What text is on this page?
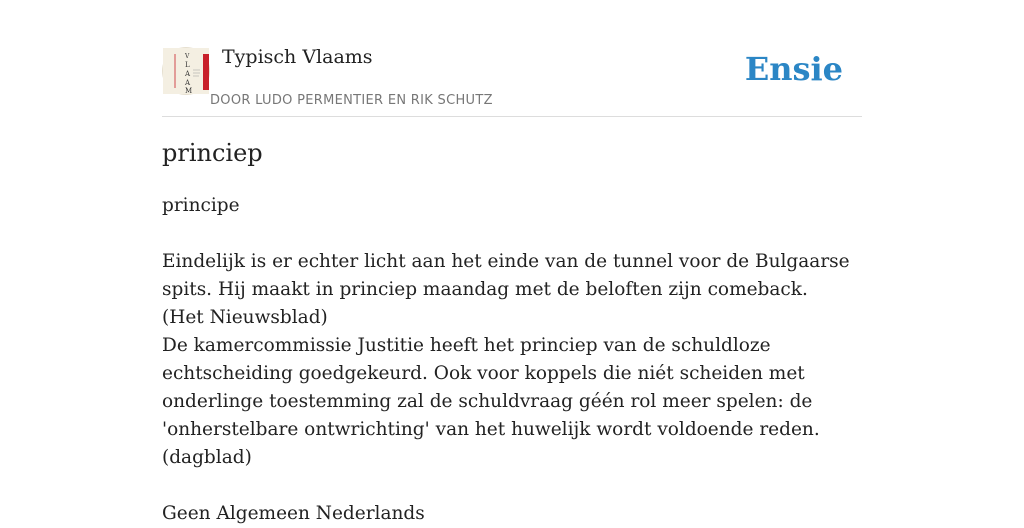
V
L
A
A
M
Typisch Vlaams
DOOR LUDO PERMENTIER EN RIK SCHUTZ
Ensie
princiep

principe

Eindelijk is er echter licht aan het einde van de tunnel voor de Bulgaarse spits. Hij maakt in princiep maandag met de beloften zijn comeback.

(Het Nieuwsblad)

De kamercommissie Justitie heeft het princiep van de schuldloze echtscheiding goedgekeurd. Ook voor koppels die niét scheiden met onderlinge toestemming zal de schuldvraag géén rol meer spelen: de 'onherstelbare ontwrichting' van het huwelijk wordt voldoende reden.

(dagblad)

Geen Algemeen Nederlands
